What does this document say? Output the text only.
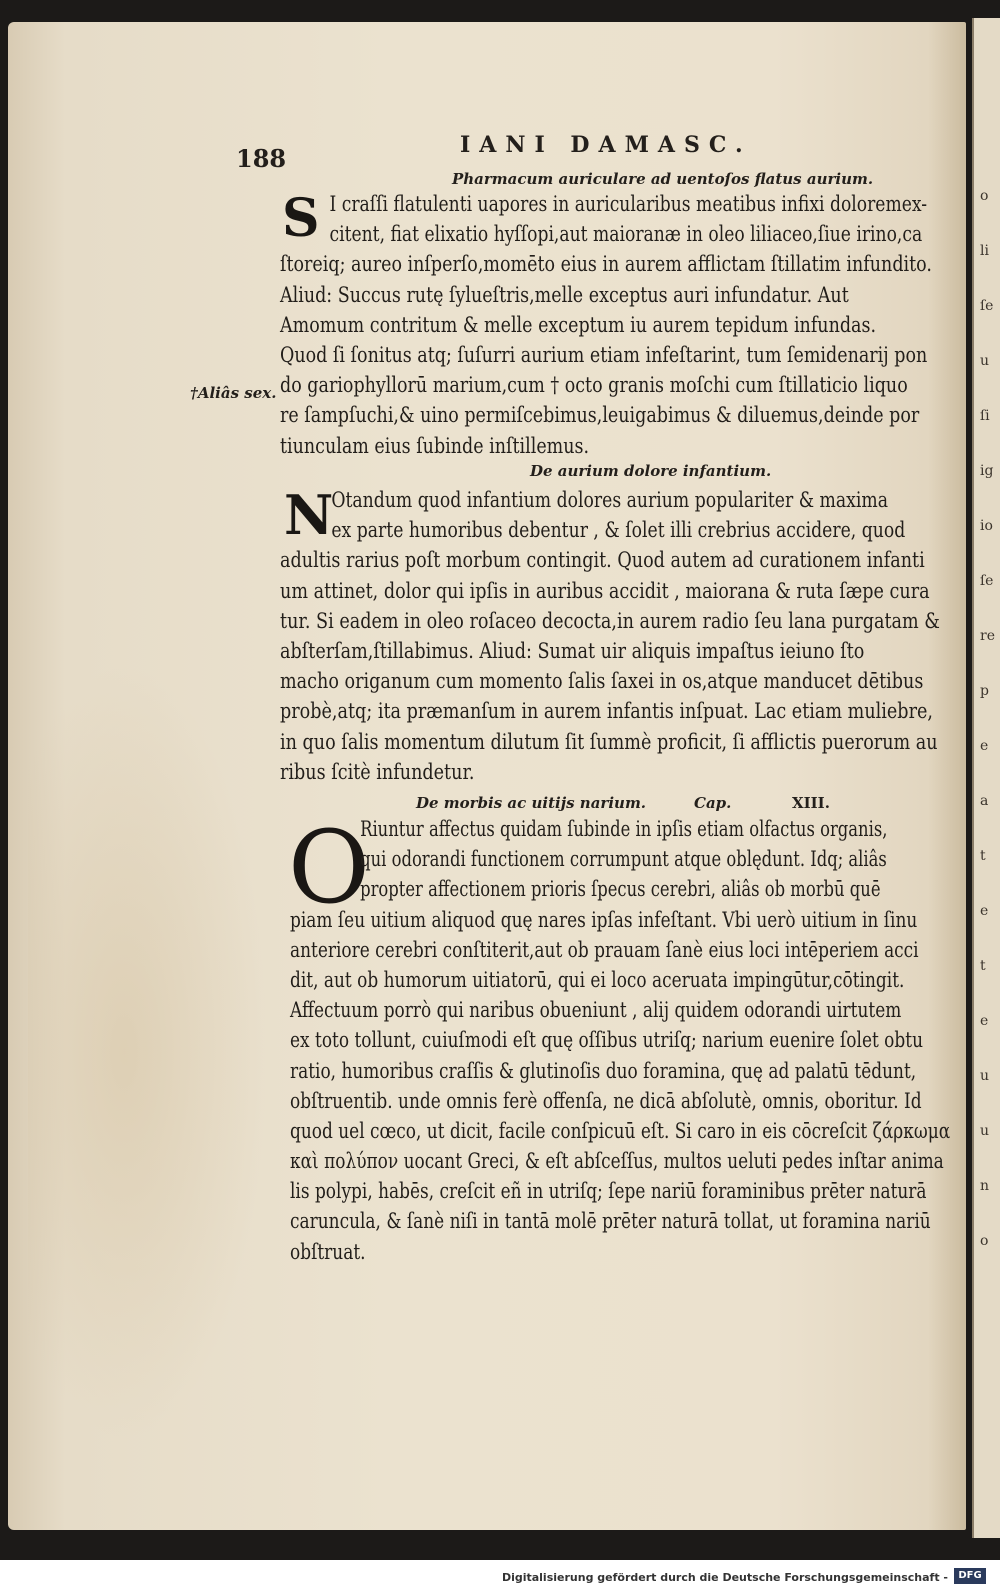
o
li
ſe
u
ſi
ig
io
ſe
re
p
e
a
t
e
t
e
u
u
n
o
188	IANI DAMASC.
Pharmacum auriculare ad uentoſos flatus aurium.
De aurium dolore infantium.
De morbis ac uitijs narium.	Cap.	XIII.
†Aliâs sex.
S
N
O
I craſſi flatulenti uapores in auricularibus meatibus infixi doloremex-
citent, fiat elixatio hyſſopi,aut maioranæ in oleo liliaceo,ſiue irino,ca
ſtoreiq; aureo inſperſo,momēto eius in aurem afflictam ſtillatim infundito.
Aliud: Succus rutę ſylueſtris,melle exceptus auri infundatur. Aut
Amomum contritum & melle exceptum iu aurem tepidum infundas.
Quod ſi ſonitus atq; ſuſurri aurium etiam infeſtarint, tum ſemidenarij pon
do gariophyllorū marium,cum † octo granis moſchi cum ſtillaticio liquo
re ſampſuchi,& uino permiſcebimus,leuigabimus & diluemus,deinde por
tiunculam eius ſubinde inſtillemus.
Otandum quod infantium dolores aurium populariter & maxima
ex parte humoribus debentur , & ſolet illi crebrius accidere, quod
adultis rarius poſt morbum contingit. Quod autem ad curationem infanti
um attinet, dolor qui ipſis in auribus accidit , maiorana & ruta ſæpe cura
tur. Si eadem in oleo roſaceo decocta,in aurem radio ſeu lana purgatam &
abſterſam,ſtillabimus. Aliud: Sumat uir aliquis impaſtus ieiuno ſto
macho origanum cum momento ſalis ſaxei in os,atque manducet dētibus
probè,atq; ita præmanſum in aurem infantis inſpuat. Lac etiam muliebre,
in quo ſalis momentum dilutum ſit ſummè proficit, ſi afflictis puerorum au
ribus ſcitè infundetur.
Riuntur affectus quidam ſubinde in ipſis etiam olfactus organis,
qui odorandi functionem corrumpunt atque oblędunt. Idq; aliâs
propter affectionem prioris ſpecus cerebri, aliâs ob morbū quē
piam ſeu uitium aliquod quę nares ipſas infeſtant. Vbi uerò uitium in ſinu
anteriore cerebri conſtiterit,aut ob prauam ſanè eius loci intēperiem acci
dit, aut ob humorum uitiatorū, qui ei loco aceruata impingūtur,cōtingit.
Affectuum porrò qui naribus obueniunt , alij quidem odorandi uirtutem
ex toto tollunt, cuiuſmodi eſt quę oſſibus utriſq; narium euenire ſolet obtu
ratio, humoribus craſſis & glutinoſis duo foramina, quę ad palatū tēdunt,
obſtruentib. unde omnis ferè offenſa, ne dicā abſolutè, omnis, oboritur. Id
quod uel cœco, ut dicit, facile conſpicuū eſt. Si caro in eis cōcreſcit ζάρκωμα
καὶ πολύπον uocant Greci, & eſt abſceſſus, multos ueluti pedes inſtar anima
lis polypi, habēs, creſcit eñ in utriſq; ſepe nariū foraminibus prēter naturā
caruncula, & ſanè niſi in tantā molē prēter naturā tollat, ut foramina nariū
obſtruat.
Digitalisierung gefördert durch die Deutsche Forschungsgemeinschaft -	DFG
